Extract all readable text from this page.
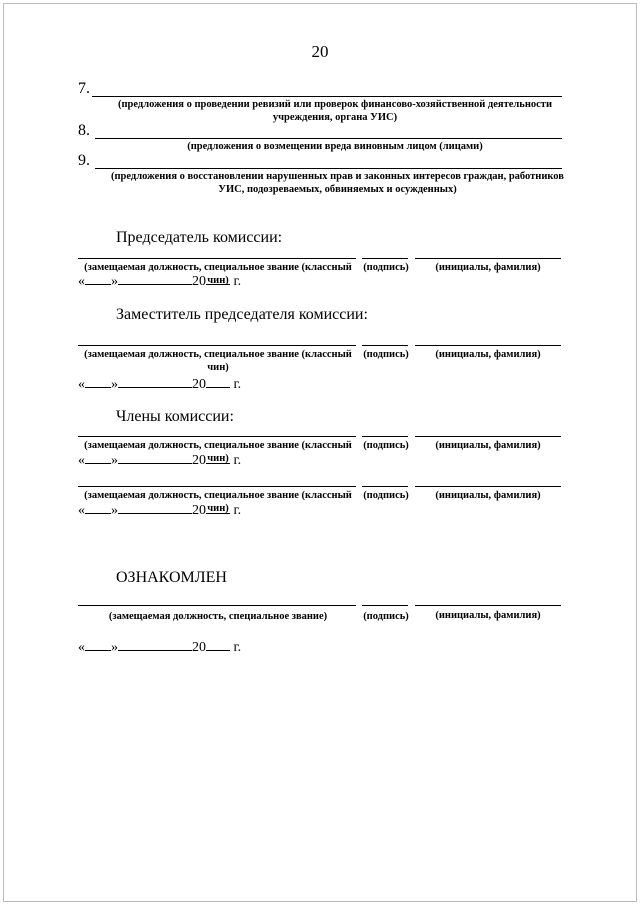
20
7.
(предложения о проведении ревизий или проверок финансово-хозяйственной деятельности учреждения, органа УИС)
8.
(предложения о возмещении вреда виновным лицом (лицами)
9.
(предложения о восстановлении нарушенных прав и законных интересов граждан, работников УИС, подозреваемых, обвиняемых и осужденных)
Председатель комиссии:
(замещаемая должность, специальное звание (классный чин)
(подпись)	(инициалы, фамилия)
« »	20 г.
Заместитель председателя комиссии:
(замещаемая должность, специальное звание (классный чин)
(подпись)	(инициалы, фамилия)
« »	20 г.
Члены комиссии:
(замещаемая должность, специальное звание (классный чин)
(подпись)	(инициалы, фамилия)
« »	20 г.
(замещаемая должность, специальное звание (классный чин)
(подпись)	(инициалы, фамилия)
« »	20 г.
ОЗНАКОМЛЕН
(замещаемая должность, специальное звание)	(подпись)	(инициалы, фамилия)
« »	20 г.
